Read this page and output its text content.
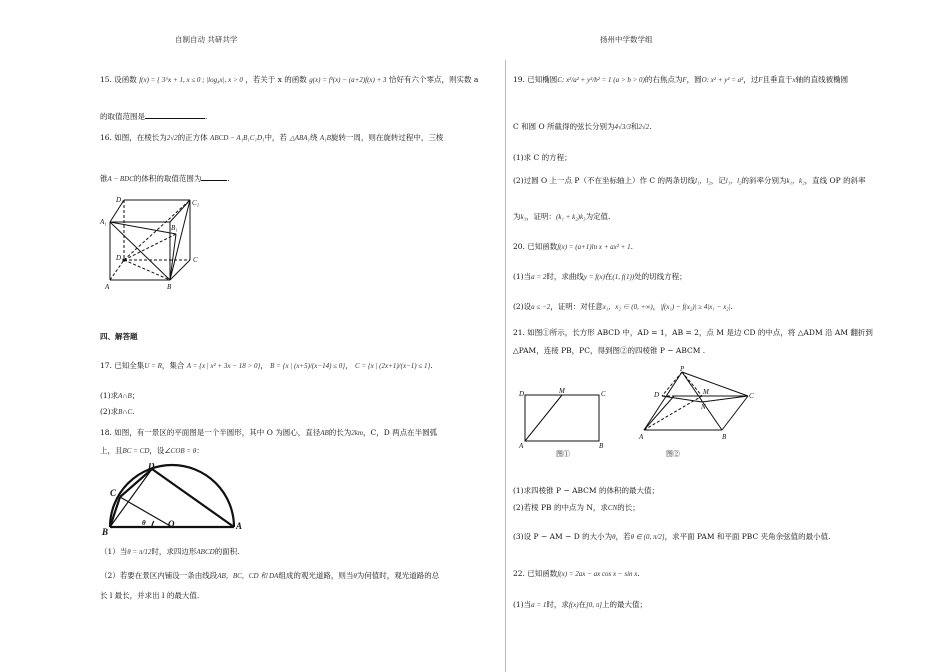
自制自动 共研共学	扬州中学数学组
15. 设函数 f(x) = { 3^x + 1, x ≤ 0 ; |log₄x|, x > 0 ，若关于 x 的函数 g(x) = f²(x) − (a+2)f(x) + 3 恰好有六个零点，则实数 a
的取值范围是	.
16. 如图，在棱长为2√2的正方体 ABCD − A₁B₁C₁D₁中，若 △ABA₁绕 A₁B旋转一周，则在旋转过程中，三棱
锥A − BDC的体积的取值范围为	.
D₁	C₁
A₁
B₁
D	C
A	B
四、解答题
17. 已知全集U = R，集合 A = {x | x² + 3x − 18 > 0}， B = {x | (x+5)/(x−14) ≤ 0}， C = {x | (2x+1)/(x−1) ≤ 1}.
(1)求A∩B；
(2)求B∩C.
18. 如图，有一景区的平面图是一个半圆形，其中 O 为圆心，直径AB的长为2km，C，D 两点在半圆弧
上，且BC = CD，设∠COB = θ：
D
C
B
O	A
θ
（1）当θ = π/12时，求四边形ABCD的面积.
（2）若要在景区内铺设一条由线段AB，BC，CD 和 DA组成的观光道路，则当θ为何值时，观光道路的总
长 l 最长，并求出 l 的最大值.
19. 已知椭圆C: x²/a² + y²/b² = 1 (a > b > 0)的右焦点为F，圆O: x² + y² = a²，过F且垂直于x轴的直线被椭圆
C 和圆 O 所截得的弦长分别为4√3/3和2√2.
(1)求 C 的方程；
(2)过圆 O 上一点 P（不在坐标轴上）作 C 的两条切线l₁，l₂，记l₁，l₂的斜率分别为k₁，k₂，直线 OP 的斜率
为k₃，证明：(k₁ + k₂)k₃为定值.
20. 已知函数f(x) = (a+1)ln x + ax² + 1.
(1)当a = 2时，求曲线y = f(x)在(1, f(1))处的切线方程；
(2)设a ≤ −2，证明：对任意x₁，x₂ ∈ (0, +∞)，|f(x₁) − f(x₂)| ≥ 4|x₁ − x₂|.
21. 如图①所示，长方形 ABCD 中，AD = 1，AB = 2，点 M 是边 CD 的中点，将 △ADM 沿 AM 翻折到
△PAM，连接 PB，PC，得到图②的四棱锥 P − ABCM .
D	M	C
A	B
图①
P
D	M	C
N
A	B
图②
(1)求四棱锥 P − ABCM 的体积的最大值；
(2)若棱 PB 的中点为 N，求CN的长；
(3)设 P − AM − D 的大小为θ，若θ ∈ (0, π/2]，求平面 PAM 和平面 PBC 夹角余弦值的最小值.
22. 已知函数f(x) = 2ax − ax cos x − sin x.
(1)当a = 1时，求f(x)在[0, π]上的最大值；
